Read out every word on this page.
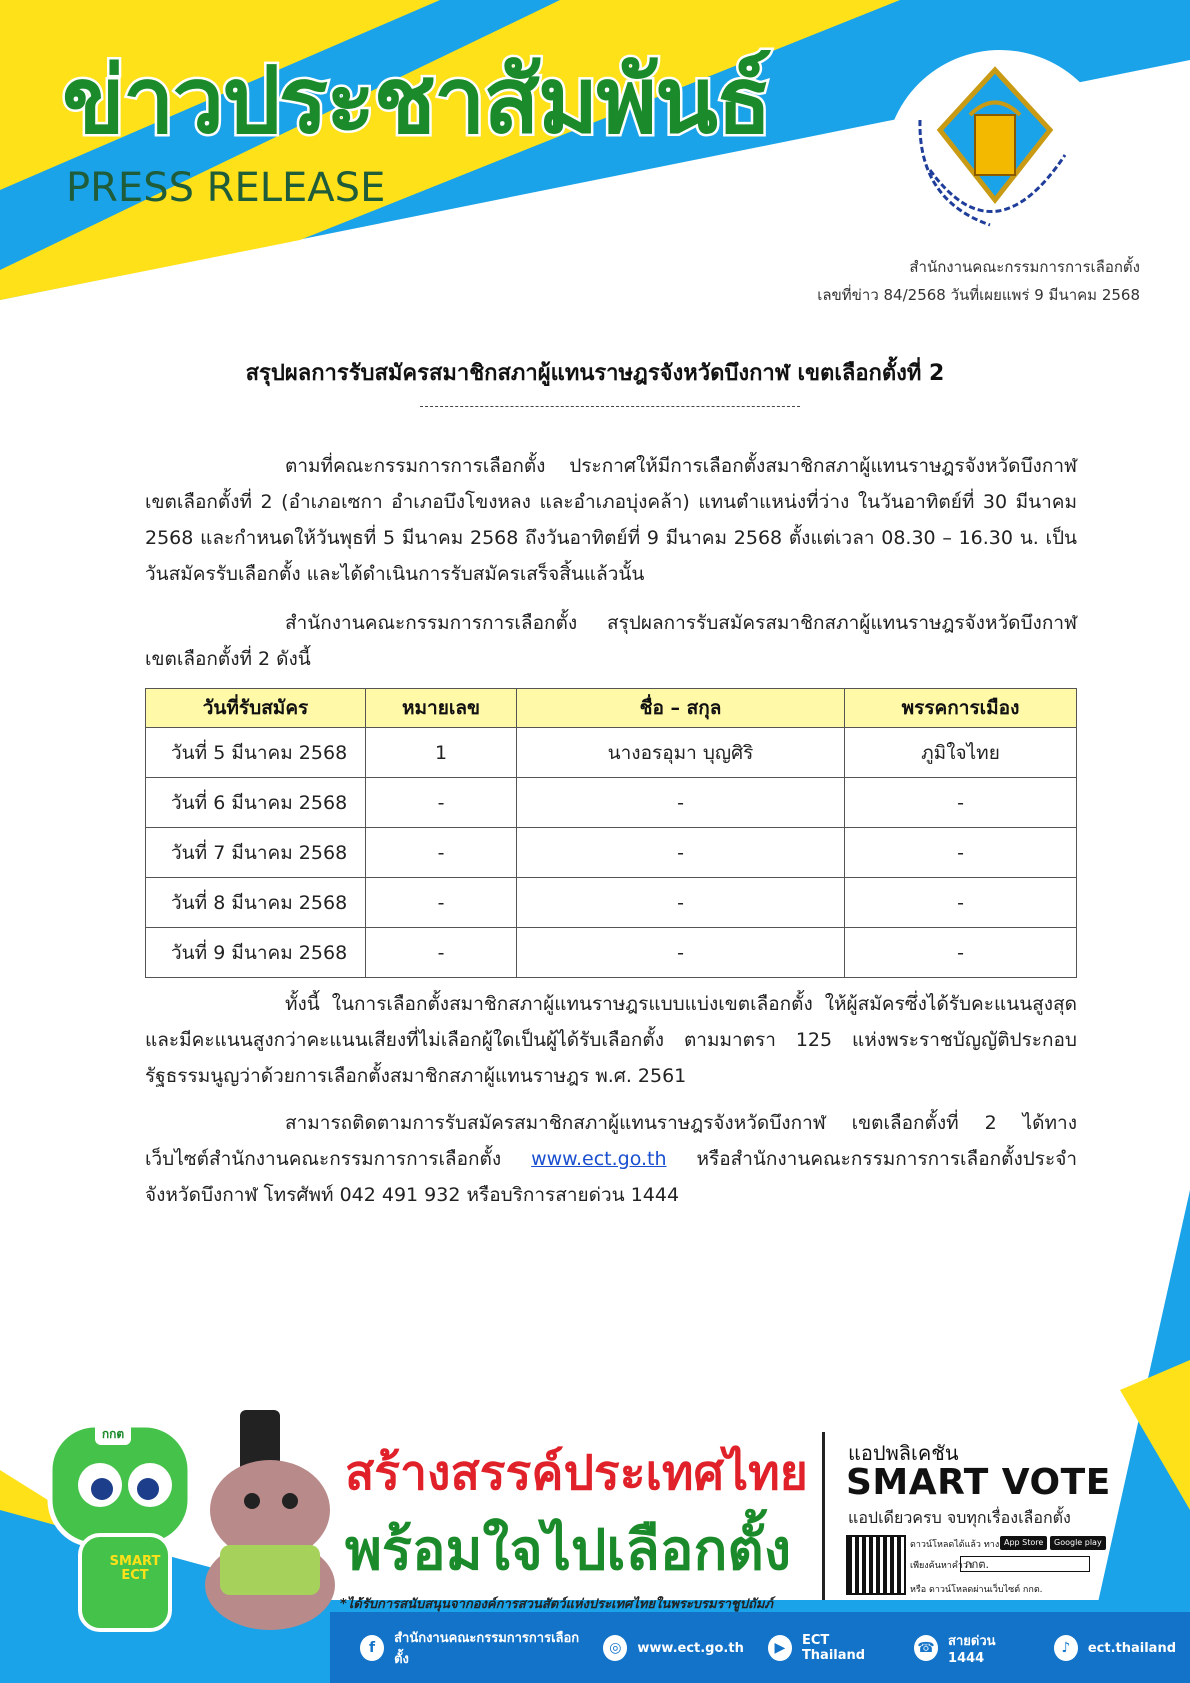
ข่าวประชาสัมพันธ์
PRESS RELEASE
สำนักงานคณะกรรมการการเลือกตั้ง
เลขที่ข่าว 84/2568 วันที่เผยแพร่ 9 มีนาคม 2568
สรุปผลการรับสมัครสมาชิกสภาผู้แทนราษฎรจังหวัดบึงกาฬ เขตเลือกตั้งที่ 2
ตามที่คณะกรรมการการเลือกตั้ง ประกาศให้มีการเลือกตั้งสมาชิกสภาผู้แทนราษฎรจังหวัดบึงกาฬ เขตเลือกตั้งที่ 2 (อำเภอเซกา อำเภอบึงโขงหลง และอำเภอบุ่งคล้า) แทนตำแหน่งที่ว่าง ในวันอาทิตย์ที่ 30 มีนาคม 2568 และกำหนดให้วันพุธที่ 5 มีนาคม 2568 ถึงวันอาทิตย์ที่ 9 มีนาคม 2568 ตั้งแต่เวลา 08.30 – 16.30 น. เป็นวันสมัครรับเลือกตั้ง และได้ดำเนินการรับสมัครเสร็จสิ้นแล้วนั้น
สำนักงานคณะกรรมการการเลือกตั้ง สรุปผลการรับสมัครสมาชิกสภาผู้แทนราษฎรจังหวัดบึงกาฬ เขตเลือกตั้งที่ 2 ดังนี้
วันที่รับสมัคร	หมายเลข	ชื่อ – สกุล	พรรคการเมือง
วันที่ 5 มีนาคม 2568	1	นางอรอุมา บุญศิริ	ภูมิใจไทย
วันที่ 6 มีนาคม 2568	-	-	-
วันที่ 7 มีนาคม 2568	-	-	-
วันที่ 8 มีนาคม 2568	-	-	-
วันที่ 9 มีนาคม 2568	-	-	-
ทั้งนี้ ในการเลือกตั้งสมาชิกสภาผู้แทนราษฎรแบบแบ่งเขตเลือกตั้ง ให้ผู้สมัครซึ่งได้รับคะแนนสูงสุดและมีคะแนนสูงกว่าคะแนนเสียงที่ไม่เลือกผู้ใดเป็นผู้ได้รับเลือกตั้ง ตามมาตรา 125 แห่งพระราชบัญญัติประกอบรัฐธรรมนูญว่าด้วยการเลือกตั้งสมาชิกสภาผู้แทนราษฎร พ.ศ. 2561
สามารถติดตามการรับสมัครสมาชิกสภาผู้แทนราษฎรจังหวัดบึงกาฬ เขตเลือกตั้งที่ 2 ได้ทางเว็บไซต์สำนักงานคณะกรรมการการเลือกตั้ง www.ect.go.th หรือสำนักงานคณะกรรมการการเลือกตั้งประจำจังหวัดบึงกาฬ โทรศัพท์ 042 491 932 หรือบริการสายด่วน 1444
กกต
SMART ECT
สร้างสรรค์ประเทศไทย
พร้อมใจไปเลือกตั้ง
*ได้รับการสนับสนุนจากองค์การสวนสัตว์แห่งประเทศไทยในพระบรมราชูปถัมภ์
แอปพลิเคชัน
SMART VOTE
แอปเดียวครบ จบทุกเรื่องเลือกตั้ง
ดาวน์โหลดได้แล้ว ทาง App Store	Google play
เพียงค้นหาคำว่า
กกต.
หรือ ดาวน์โหลดผ่านเว็บไซต์ กกต.
f
สำนักงานคณะกรรมการการเลือกตั้ง
◎	www.ect.go.th	▶	ECT Thailand	☎ สายด่วน 1444
♪	ect.thailand
